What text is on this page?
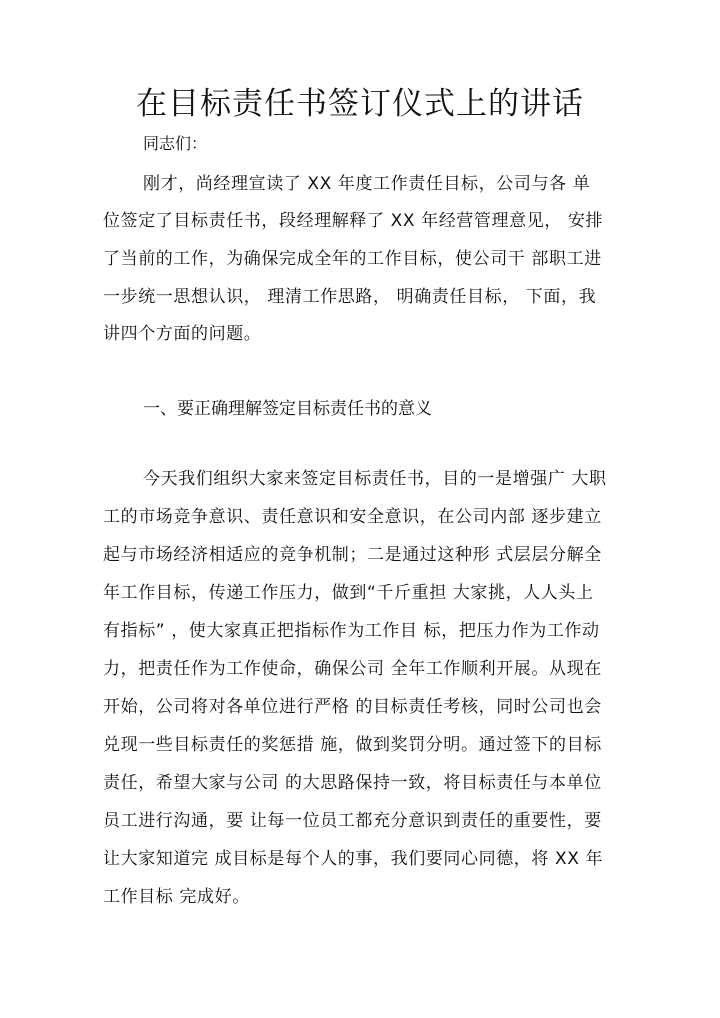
在目标责任书签订仪式上的讲话
同志们：
刚才，尚经理宣读了 XX 年度工作责任目标，公司与各 单
位签定了目标责任书，段经理解释了 XX 年经营管理意见， 安排
了当前的工作，为确保完成全年的工作目标，使公司干 部职工进
一步统一思想认识， 理清工作思路， 明确责任目标， 下面，我
讲四个方面的问题。
一、要正确理解签定目标责任书的意义
今天我们组织大家来签定目标责任书，目的一是增强广 大职
工的市场竞争意识、责任意识和安全意识，在公司内部 逐步建立
起与市场经济相适应的竞争机制；二是通过这种形 式层层分解全
年工作目标，传递工作压力，做到“千斤重担 大家挑，人人头上
有指标” ，使大家真正把指标作为工作目 标，把压力作为工作动
力，把责任作为工作使命，确保公司 全年工作顺利开展。从现在
开始，公司将对各单位进行严格 的目标责任考核，同时公司也会
兑现一些目标责任的奖惩措 施，做到奖罚分明。通过签下的目标
责任，希望大家与公司 的大思路保持一致，将目标责任与本单位
员工进行沟通，要 让每一位员工都充分意识到责任的重要性，要
让大家知道完 成目标是每个人的事，我们要同心同德，将 XX 年
工作目标 完成好。
